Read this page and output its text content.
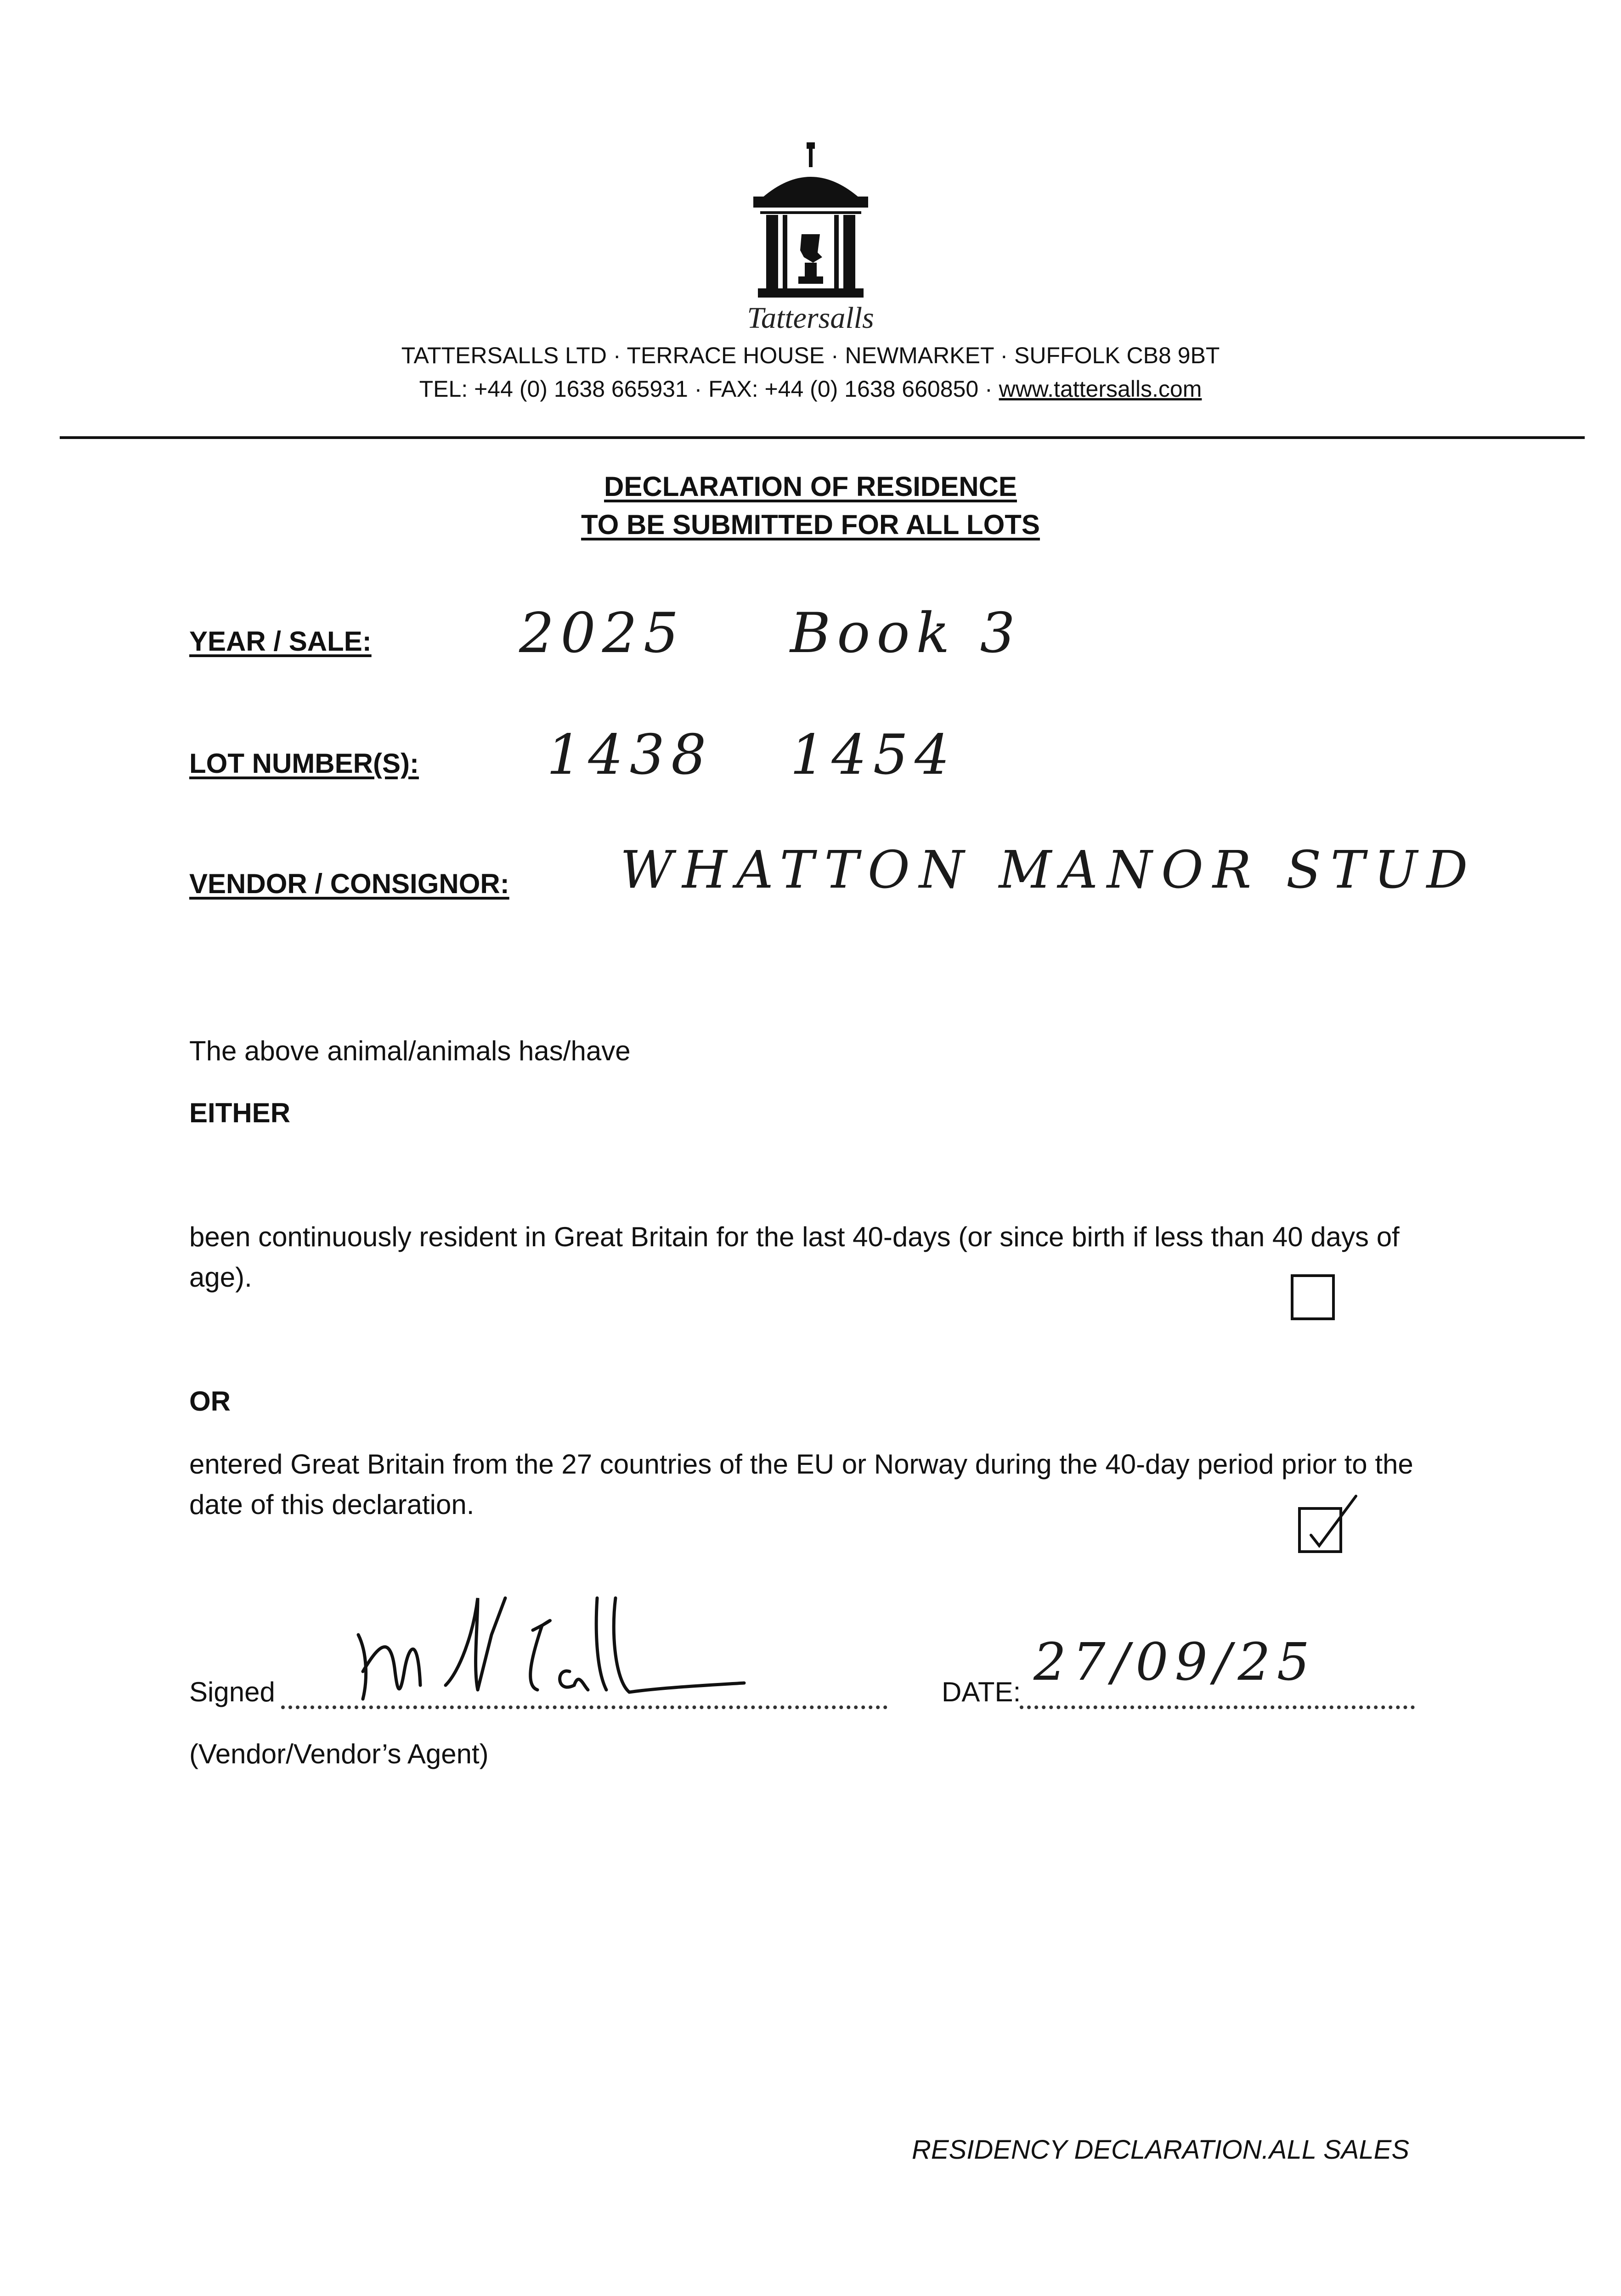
Tattersalls
TATTERSALLS LTD · TERRACE HOUSE · NEWMARKET · SUFFOLK CB8 9BT
TEL: +44 (0) 1638 665931 · FAX: +44 (0) 1638 660850 · www.tattersalls.com
DECLARATION OF RESIDENCE
TO BE SUBMITTED FOR ALL LOTS
YEAR / SALE:	2025 Book 3
LOT NUMBER(S): 1438 1454
VENDOR / CONSIGNOR: WHATTON MANOR STUD
The above animal/animals has/have
EITHER
been continuously resident in Great Britain for the last 40-days (or since birth if less than 40 days of age).
OR
entered Great Britain from the 27 countries of the EU or Norway during the 40-day period prior to the date of this declaration.
Signed
(Vendor/Vendor’s Agent)
DATE: 27/09/25
RESIDENCY DECLARATION.ALL SALES
